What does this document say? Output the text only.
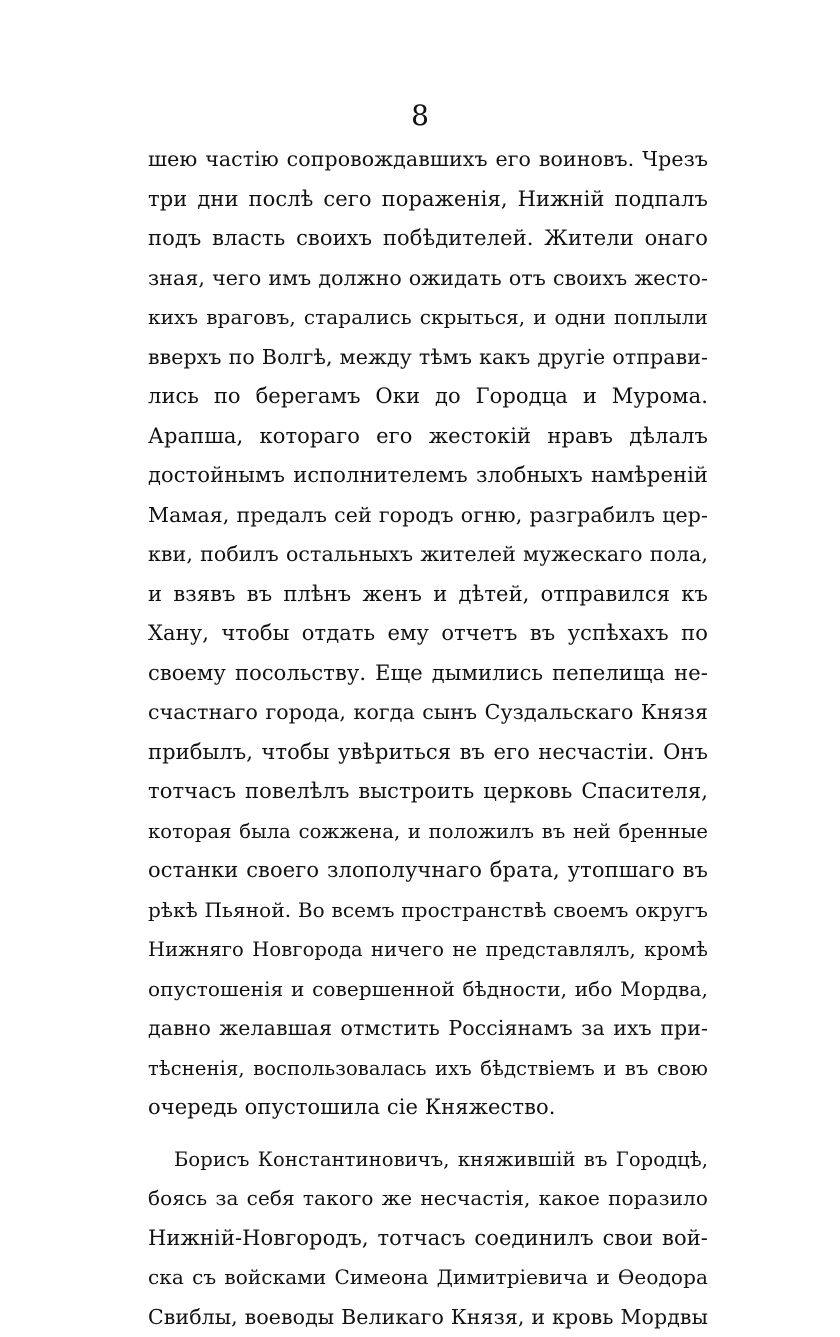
8
шею частію сопровождавшихъ его воиновъ. Чрезъ
три дни послѣ сего пораженія, Нижній подпалъ
подъ власть своихъ побѣдителей. Жители онаго
зная, чего имъ должно ожидать отъ своихъ жесто-
кихъ враговъ, старались скрыться, и одни поплыли
вверхъ по Волгѣ, между тѣмъ какъ другіе отправи-
лись по берегамъ Оки до Городца и Мурома.
Арапша, котораго его жестокій нравъ дѣлалъ
достойнымъ исполнителемъ злобныхъ намѣреній
Мамая, предалъ сей городъ огню, разграбилъ цер-
кви, побилъ остальныхъ жителей мужескаго пола,
и взявъ въ плѣнъ женъ и дѣтей, отправился къ
Хану, чтобы отдать ему отчетъ въ успѣхахъ по
своему посольству. Еще дымились пепелища не-
счастнаго города, когда сынъ Суздальскаго Князя
прибылъ, чтобы увѣриться въ его несчастіи. Онъ
тотчасъ повелѣлъ выстроить церковь Спасителя,
которая была сожжена, и положилъ въ ней бренные
останки своего злополучнаго брата, утопшаго въ
рѣкѣ Пьяной. Во всемъ пространствѣ своемъ округъ
Нижняго Новгорода ничего не представлялъ, кромѣ
опустошенія и совершенной бѣдности, ибо Мордва,
давно желавшая отмстить Россіянамъ за ихъ при-
тѣсненія, воспользовалась ихъ бѣдствіемъ и въ свою
очередь опустошила сіе Княжество.
Борисъ Константиновичъ, княжившій въ Городцѣ,
боясь за себя такого же несчастія, какое поразило
Нижній-Новгородъ, тотчасъ соединилъ свои вой-
ска съ войсками Симеона Димитріевича и Ѳеодора
Свиблы, воеводы Великаго Князя, и кровь Мордвы
